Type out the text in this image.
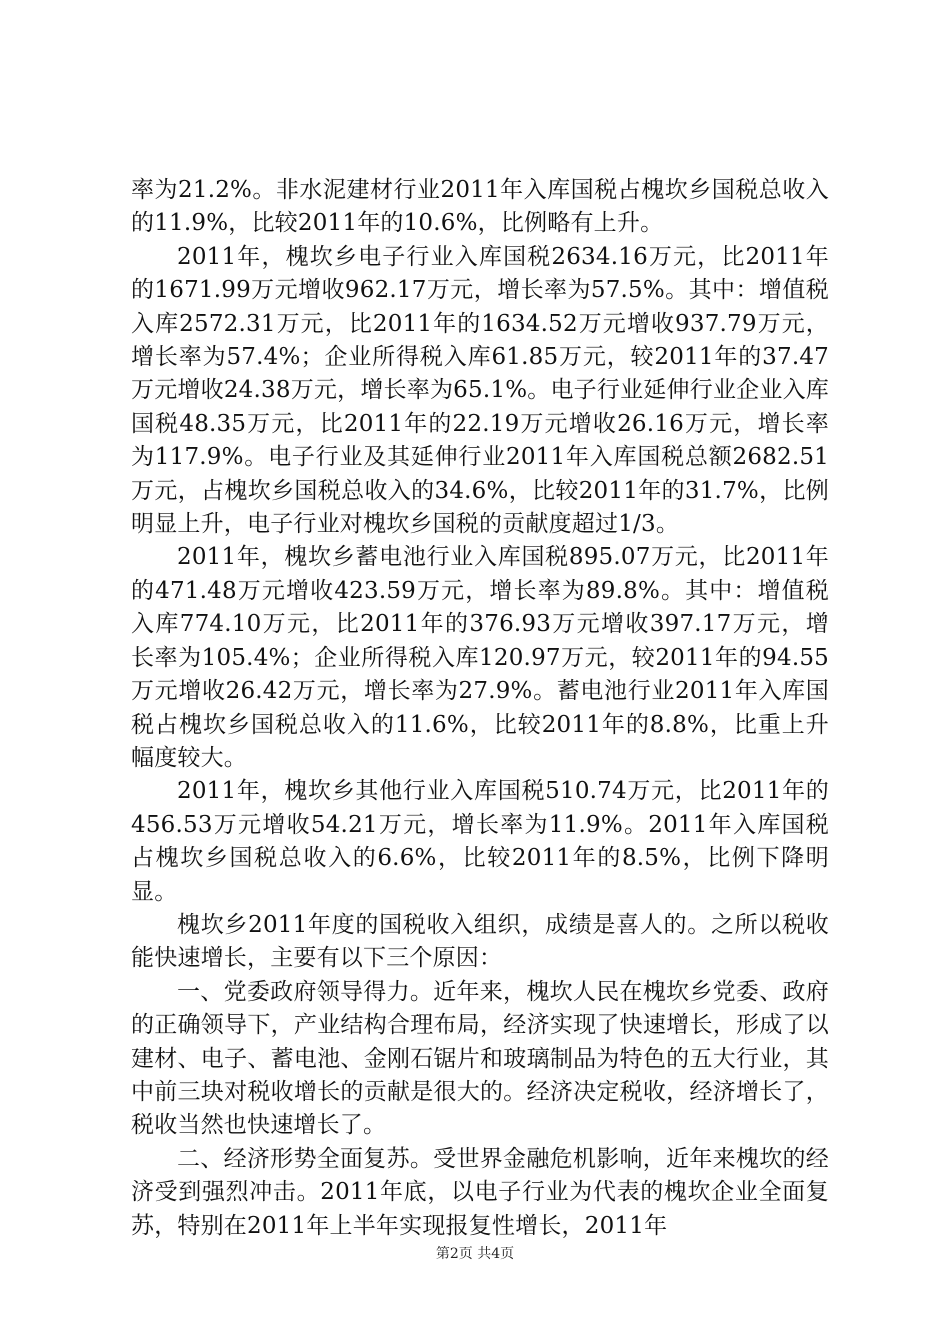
率为21.2%。非水泥建材行业2011年入库国税占槐坎乡国税总收入的11.9%，比较2011年的10.6%，比例略有上升。

2011年，槐坎乡电子行业入库国税2634.16万元，比2011年的1671.99万元增收962.17万元，增长率为57.5%。其中：增值税入库2572.31万元，比2011年的1634.52万元增收937.79万元，增长率为57.4%；企业所得税入库61.85万元，较2011年的37.47万元增收24.38万元，增长率为65.1%。电子行业延伸行业企业入库国税48.35万元，比2011年的22.19万元增收26.16万元，增长率为117.9%。电子行业及其延伸行业2011年入库国税总额2682.51万元，占槐坎乡国税总收入的34.6%，比较2011年的31.7%，比例明显上升，电子行业对槐坎乡国税的贡献度超过1/3。

2011年，槐坎乡蓄电池行业入库国税895.07万元，比2011年的471.48万元增收423.59万元，增长率为89.8%。其中：增值税入库774.10万元，比2011年的376.93万元增收397.17万元，增长率为105.4%；企业所得税入库120.97万元，较2011年的94.55万元增收26.42万元，增长率为27.9%。蓄电池行业2011年入库国税占槐坎乡国税总收入的11.6%，比较2011年的8.8%，比重上升幅度较大。

2011年，槐坎乡其他行业入库国税510.74万元，比2011年的456.53万元增收54.21万元，增长率为11.9%。2011年入库国税占槐坎乡国税总收入的6.6%，比较2011年的8.5%，比例下降明显。

槐坎乡2011年度的国税收入组织，成绩是喜人的。之所以税收能快速增长，主要有以下三个原因：

一、党委政府领导得力。近年来，槐坎人民在槐坎乡党委、政府的正确领导下，产业结构合理布局，经济实现了快速增长，形成了以建材、电子、蓄电池、金刚石锯片和玻璃制品为特色的五大行业，其中前三块对税收增长的贡献是很大的。经济决定税收，经济增长了，税收当然也快速增长了。

二、经济形势全面复苏。受世界金融危机影响，近年来槐坎的经济受到强烈冲击。2011年底，以电子行业为代表的槐坎企业全面复苏，特别在2011年上半年实现报复性增长，2011年

第2页 共4页
